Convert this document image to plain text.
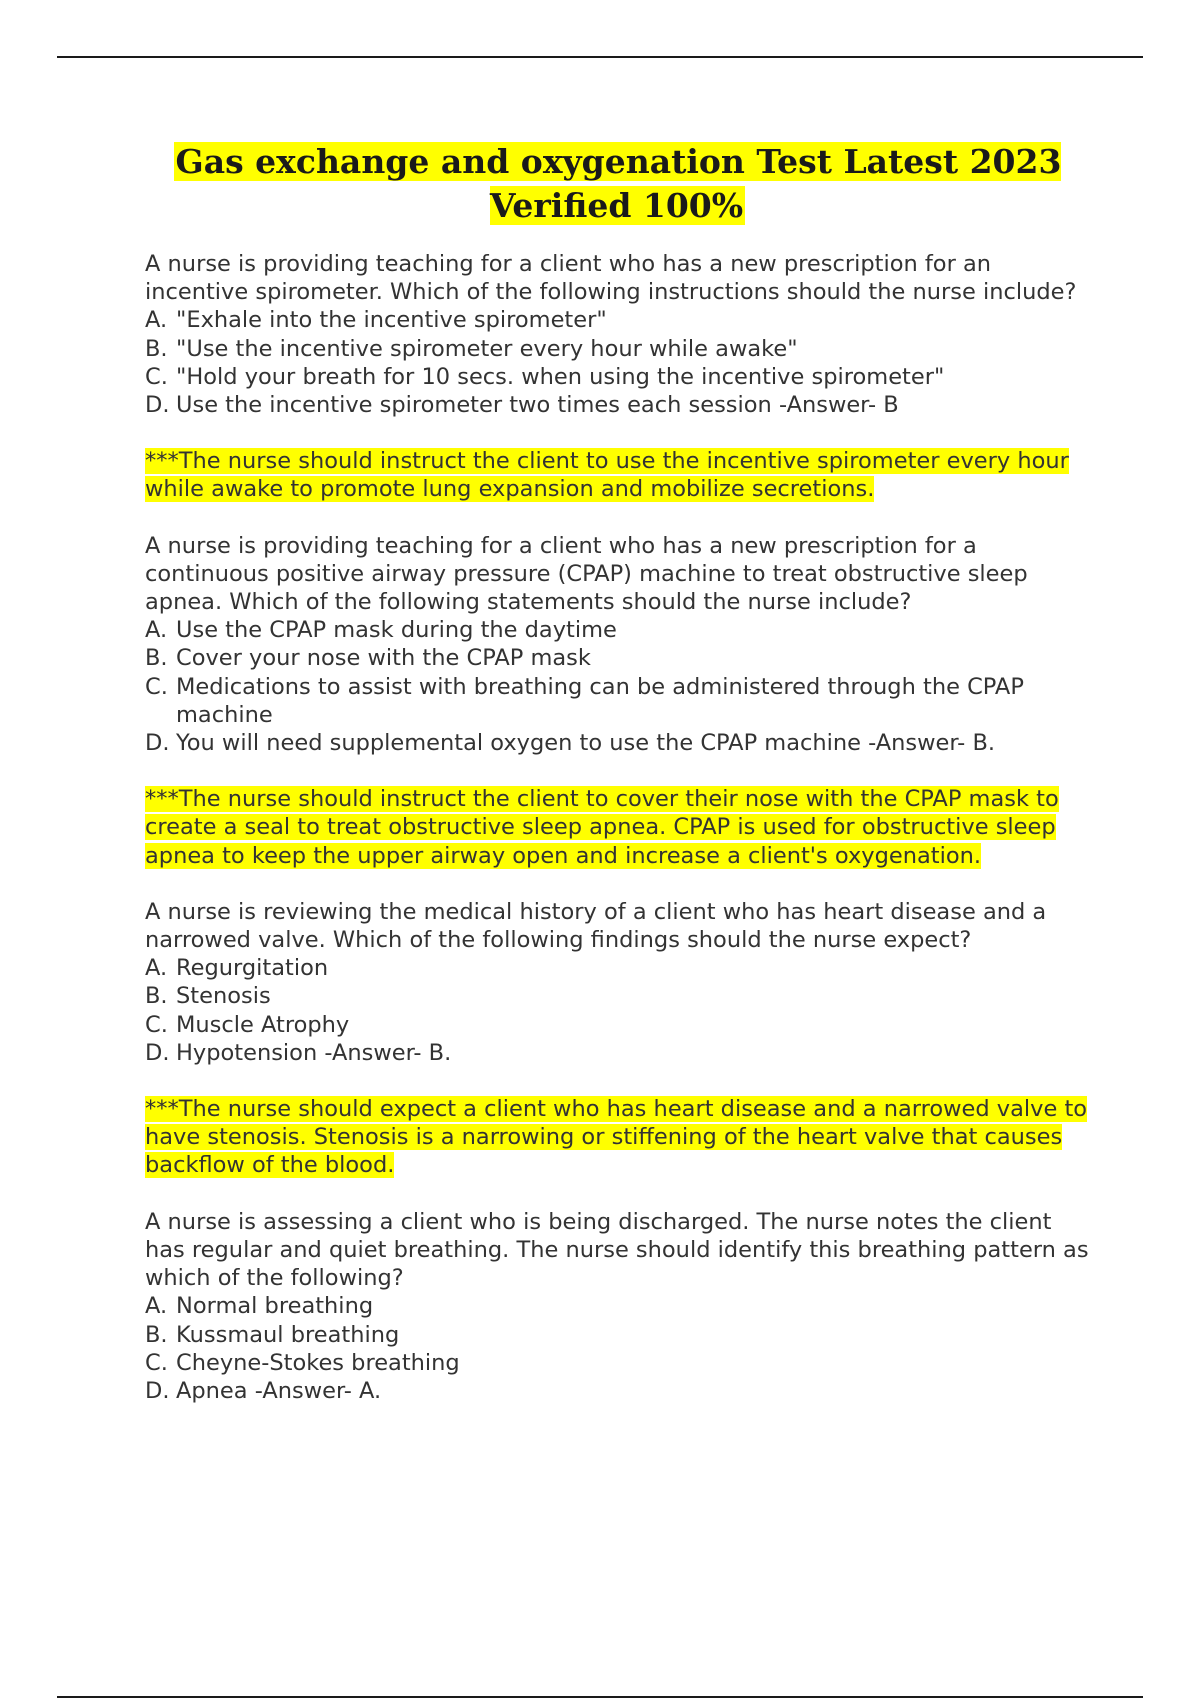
Gas exchange and oxygenation Test Latest 2023 Verified 100%

A nurse is providing teaching for a client who has a new prescription for an incentive spirometer. Which of the following instructions should the nurse include?

A. "Exhale into the incentive spirometer"
B. "Use the incentive spirometer every hour while awake"
C. "Hold your breath for 10 secs. when using the incentive spirometer"
D. Use the incentive spirometer two times each session -Answer- B

***The nurse should instruct the client to use the incentive spirometer every hour while awake to promote lung expansion and mobilize secretions.

A nurse is providing teaching for a client who has a new prescription for a continuous positive airway pressure (CPAP) machine to treat obstructive sleep apnea. Which of the following statements should the nurse include?

A. Use the CPAP mask during the daytime
B. Cover your nose with the CPAP mask
C. Medications to assist with breathing can be administered through the CPAP machine
D. You will need supplemental oxygen to use the CPAP machine -Answer- B.

***The nurse should instruct the client to cover their nose with the CPAP mask to create a seal to treat obstructive sleep apnea. CPAP is used for obstructive sleep apnea to keep the upper airway open and increase a client's oxygenation.

A nurse is reviewing the medical history of a client who has heart disease and a narrowed valve. Which of the following findings should the nurse expect?

A. Regurgitation
B. Stenosis
C. Muscle Atrophy
D. Hypotension -Answer- B.

***The nurse should expect a client who has heart disease and a narrowed valve to have stenosis. Stenosis is a narrowing or stiffening of the heart valve that causes backflow of the blood.

A nurse is assessing a client who is being discharged. The nurse notes the client has regular and quiet breathing. The nurse should identify this breathing pattern as which of the following?

A. Normal breathing
B. Kussmaul breathing
C. Cheyne-Stokes breathing
D. Apnea -Answer- A.
